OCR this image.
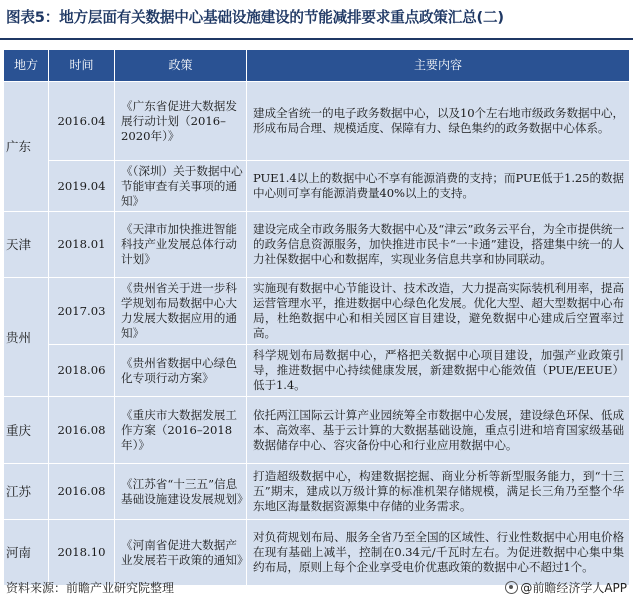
图表5：地方层面有关数据中心基础设施建设的节能减排要求重点政策汇总(二)
地方	时间	政策	主要内容
广东	2016.04	《广东省促进大数据发展行动计划（2016–2020年）》	建成全省统一的电子政务数据中心，以及10个左右地市级政务数据中心，形成布局合理、规模适度、保障有力、绿色集约的政务数据中心体系。
	2019.04	《（深圳）关于数据中心节能审查有关事项的通知》	PUE1.4以上的数据中心不享有能源消费的支持；而PUE低于1.25的数据中心则可享有能源消费量40%以上的支持。
天津	2018.01	《天津市加快推进智能科技产业发展总体行动计划》	建设完成全市政务服务大数据中心及“津云”政务云平台，为全市提供统一的政务信息资源服务，加快推进市民卡“一卡通”建设，搭建集中统一的人力社保数据中心和数据库，实现业务信息共享和协同联动。
贵州	2017.03	《贵州省关于进一步科学规划布局数据中心大力发展大数据应用的通知》	实施现有数据中心节能设计、技术改造，大力提高实际装机利用率，提高运营管理水平，推进数据中心绿色化发展。优化大型、超大型数据中心布局，杜绝数据中心和相关园区盲目建设，避免数据中心建成后空置率过高。
	2018.06	《贵州省数据中心绿色化专项行动方案》	科学规划布局数据中心，严格把关数据中心项目建设，加强产业政策引导，推进数据中心持续健康发展，新建数据中心能效值（PUE/EEUE）低于1.4。
重庆	2016.08	《重庆市大数据发展工作方案（2016–2018年）》	依托两江国际云计算产业园统筹全市数据中心发展，建设绿色环保、低成本、高效率、基于云计算的大数据基础设施，重点引进和培育国家级基础数据储存中心、容灾备份中心和行业应用数据中心。
江苏	2016.08	《江苏省“十三五”信息基础设施建设发展规划》	打造超级数据中心，构建数据挖掘、商业分析等新型服务能力，到“十三五”期末，建成以万级计算的标准机架存储规模，满足长三角乃至整个华东地区海量数据资源集中存储的业务需求。
河南	2018.10	《河南省促进大数据产业发展若干政策的通知》	对负荷规划布局、服务全省乃至全国的区域性、行业性数据中心用电价格在现有基础上减半，控制在0.34元/千瓦时左右。为促进数据中心集中集约布局，原则上每个企业享受电价优惠政策的数据中心不超过1个。
资料来源：前瞻产业研究院整理	@前瞻经济学人APP
